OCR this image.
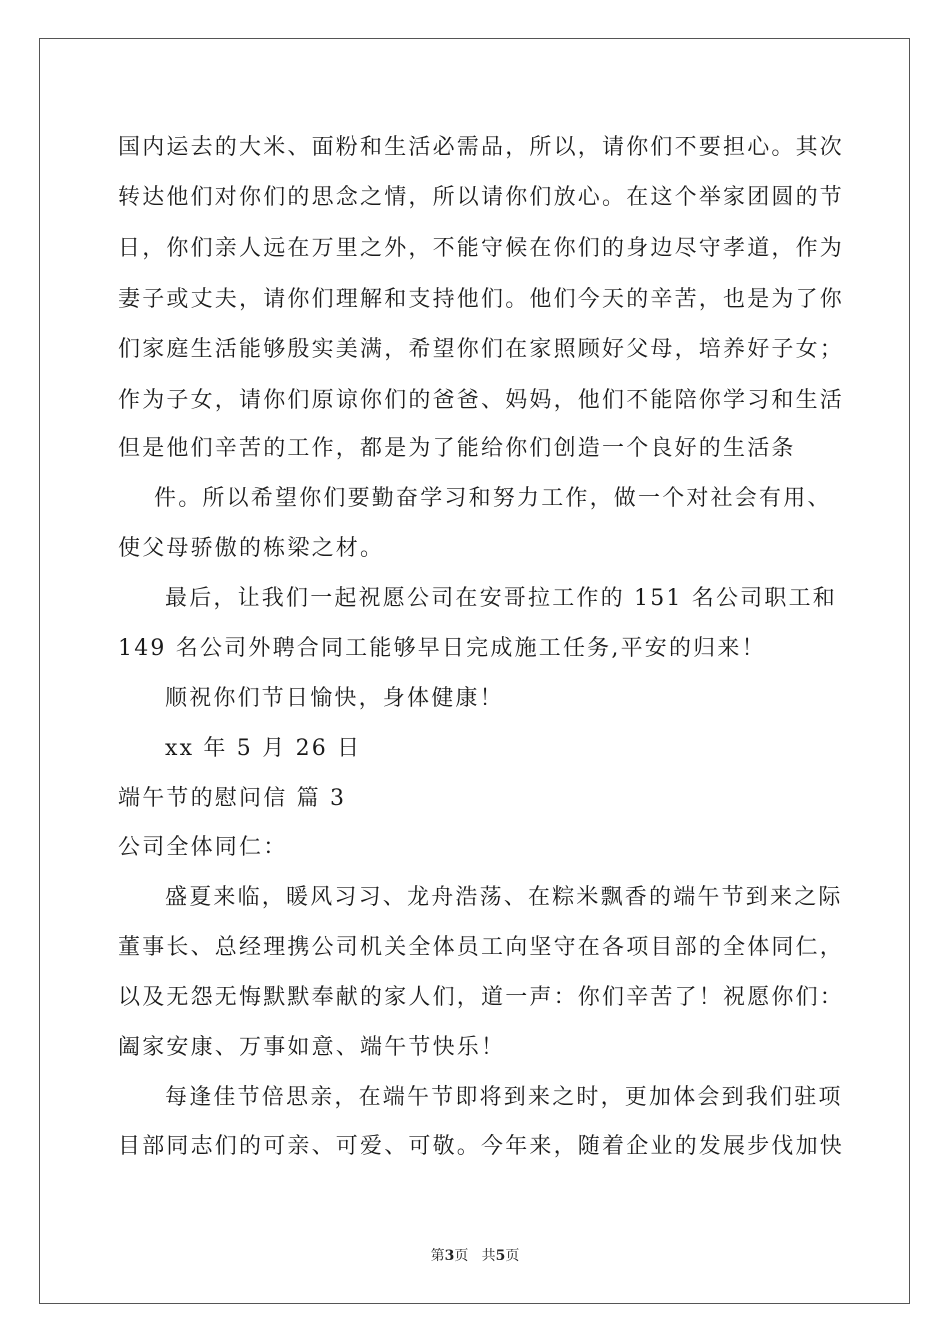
国内运去的大米、面粉和生活必需品，所以，请你们不要担心。其次
转达他们对你们的思念之情，所以请你们放心。在这个举家团圆的节
日，你们亲人远在万里之外，不能守候在你们的身边尽守孝道，作为
妻子或丈夫，请你们理解和支持他们。他们今天的辛苦，也是为了你
们家庭生活能够殷实美满，希望你们在家照顾好父母，培养好子女；
作为子女，请你们原谅你们的爸爸、妈妈，他们不能陪你学习和生活
但是他们辛苦的工作，都是为了能给你们创造一个良好的生活条
件。所以希望你们要勤奋学习和努力工作，做一个对社会有用、
使父母骄傲的栋梁之材。
最后，让我们一起祝愿公司在安哥拉工作的 151 名公司职工和
149 名公司外聘合同工能够早日完成施工任务,平安的归来！
顺祝你们节日愉快，身体健康！
xx 年 5 月 26 日
端午节的慰问信 篇 3
公司全体同仁：
盛夏来临，暖风习习、龙舟浩荡、在粽米飘香的端午节到来之际
董事长、总经理携公司机关全体员工向坚守在各项目部的全体同仁，
以及无怨无悔默默奉献的家人们，道一声：你们辛苦了！祝愿你们：
阖家安康、万事如意、端午节快乐！
每逢佳节倍思亲，在端午节即将到来之时，更加体会到我们驻项
目部同志们的可亲、可爱、可敬。今年来，随着企业的发展步伐加快
第3页 共5页
